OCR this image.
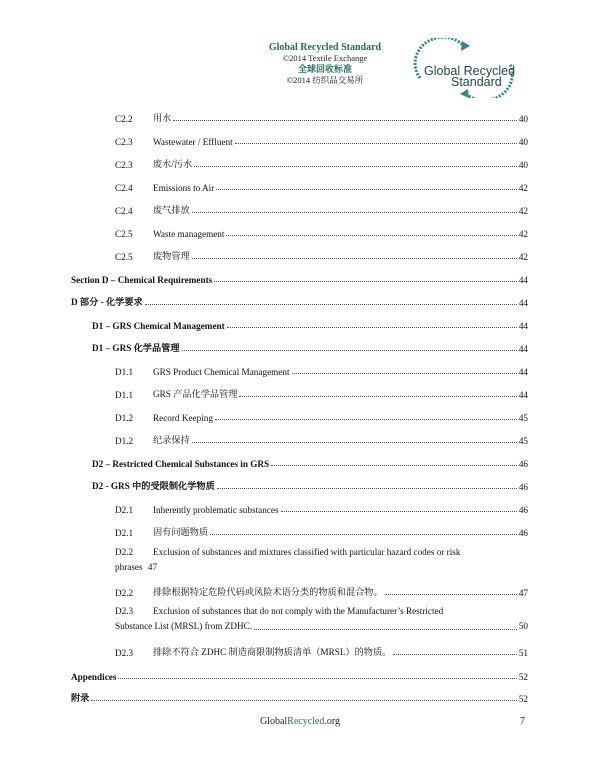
Global Recycled Standard
©2014 Textile Exchange
全球回收标准
©2014 纺织品交易所
Global Recycled
Standard
C2.2	用水	40
C2.3	Wastewater / Effluent	40
C2.3	废水/污水	40
C2.4	Emissions to Air	42
C2.4	废气排放	42
C2.5	Waste management	42
C2.5	废物管理	42
Section D – Chemical Requirements	44
D 部分 - 化学要求	44
D1 – GRS Chemical Management	44
D1 – GRS 化学品管理	44
D1.1	GRS Product Chemical Management	44
D1.1	GRS 产品化学品管理	44
D1.2	Record Keeping	45
D1.2	纪录保持	45
D2 – Restricted Chemical Substances in GRS	46
D2 - GRS 中的受限制化学物质	46
D2.1	Inherently problematic substances	46
D2.1	固有问题物质	46
D2.2 Exclusion of substances and mixtures classified with particular hazard codes or risk
phrases 47
D2.2	排除根据特定危险代码或风险术语分类的物质和混合物。	47
D2.3 Exclusion of substances that do not comply with the Manufacturer’s Restricted
Substance List (MRSL) from ZDHC.	50
D2.3	排除不符合 ZDHC 制造商限制物质清单（MRSL）的物质。	51
Appendices	52
附录	52
GlobalRecycled.org	7
